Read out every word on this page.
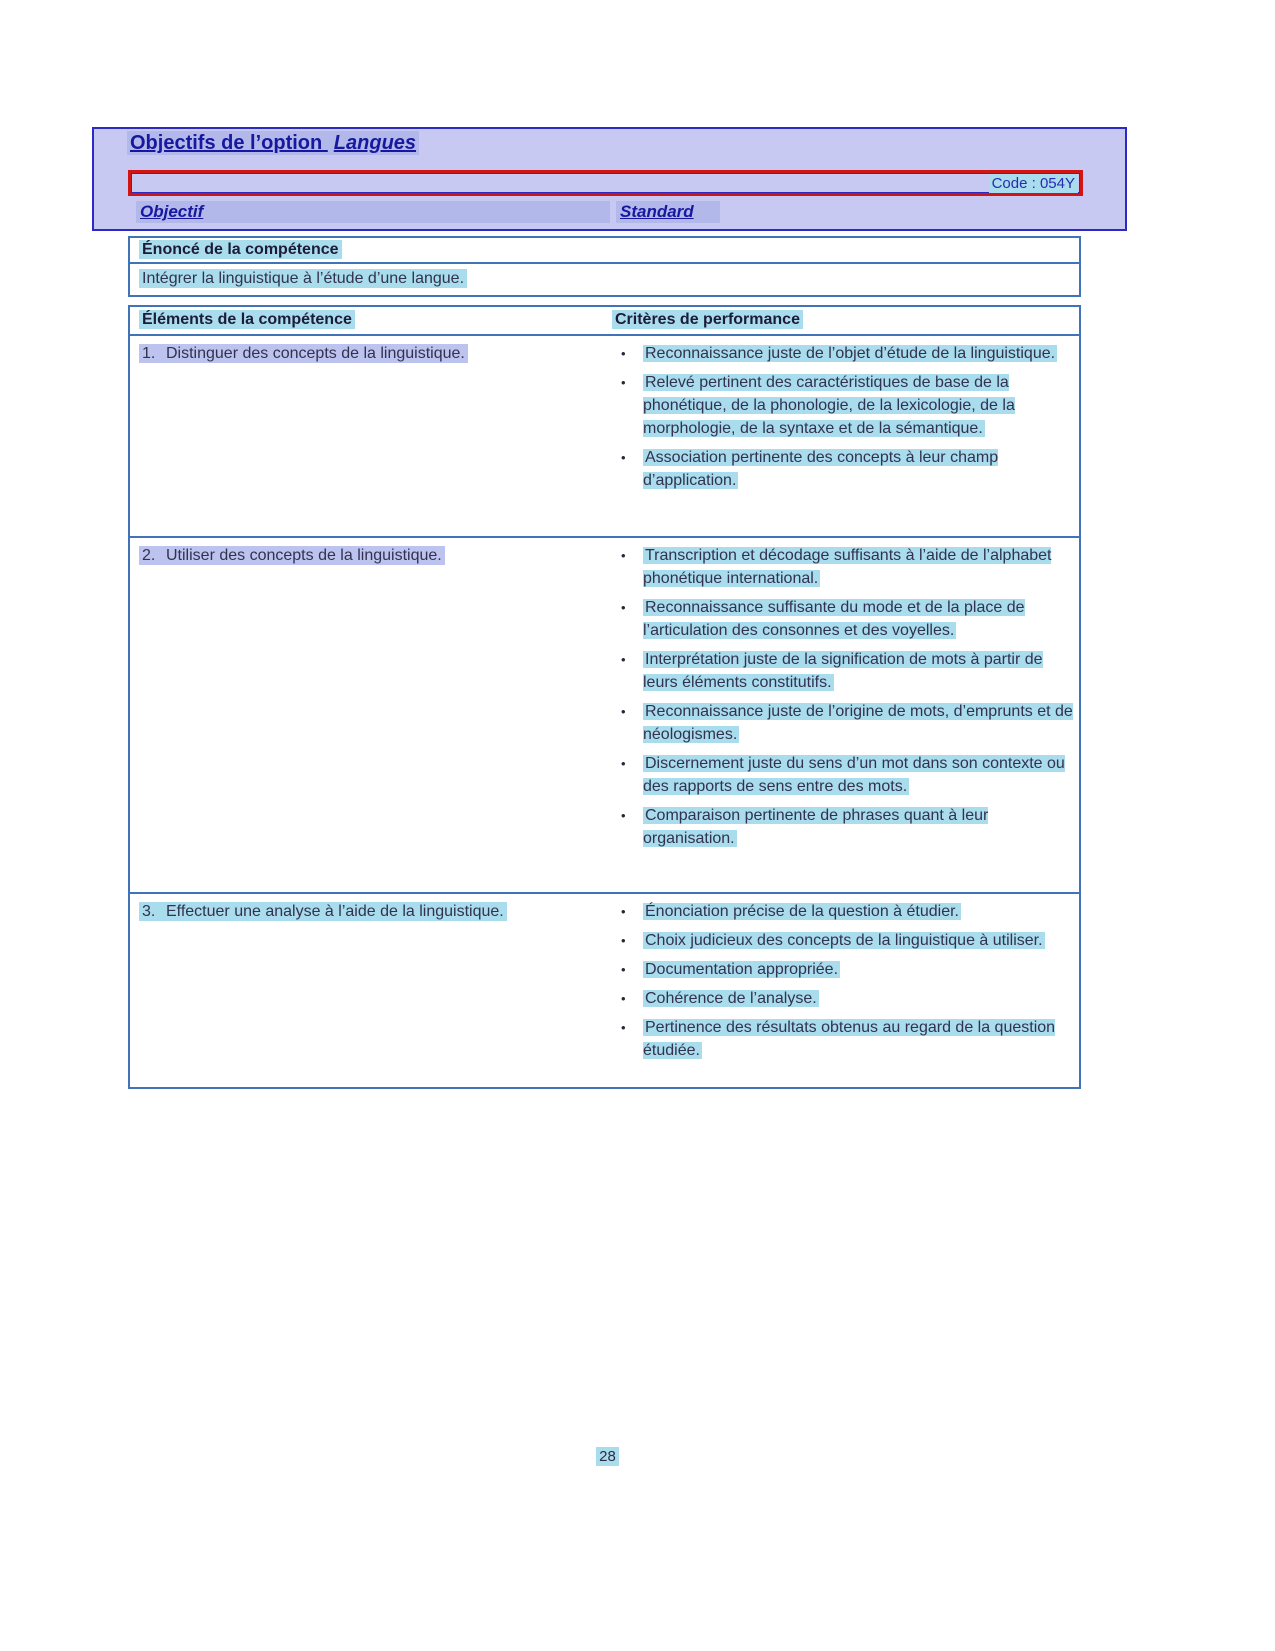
Objectifs de l’option Langues
Code : 054Y
Objectif	Standard
Énoncé de la compétence
Intégrer la linguistique à l’étude d’une langue.
Éléments de la compétence	Critères de performance
1. Distinguer des concepts de la linguistique.	•	Reconnaissance juste de l’objet d’étude de la linguistique.
•	Relevé pertinent des caractéristiques de base de la phonétique, de la phonologie, de la lexicologie, de la morphologie, de la syntaxe et de la sémantique.
•	Association pertinente des concepts à leur champ d’application.
2. Utiliser des concepts de la linguistique.	•	Transcription et décodage suffisants à l’aide de l’alphabet phonétique international.
•	Reconnaissance suffisante du mode et de la place de l’articulation des consonnes et des voyelles.
•	Interprétation juste de la signification de mots à partir de leurs éléments constitutifs.
•	Reconnaissance juste de l’origine de mots, d’emprunts et de néologismes.
•	Discernement juste du sens d’un mot dans son contexte ou des rapports de sens entre des mots.
•	Comparaison pertinente de phrases quant à leur organisation.
3. Effectuer une analyse à l’aide de la linguistique.	•	Énonciation précise de la question à étudier.
•	Choix judicieux des concepts de la linguistique à utiliser.
•	Documentation appropriée.
•	Cohérence de l’analyse.
•	Pertinence des résultats obtenus au regard de la question étudiée.
28
